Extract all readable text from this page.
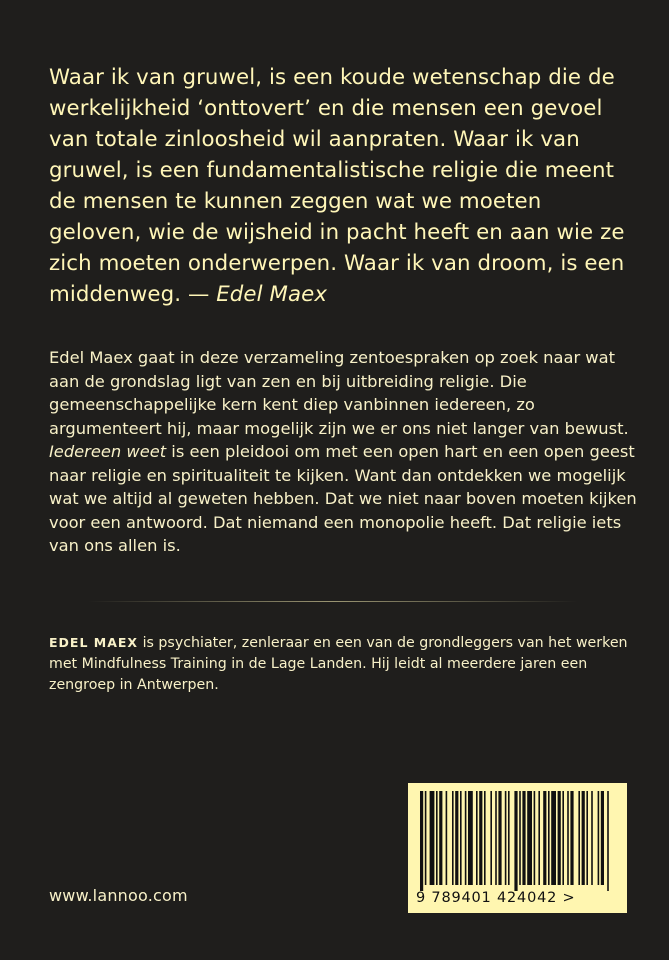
Waar ik van gruwel, is een koude wetenschap die de werkelijkheid ‘onttovert’ en die mensen een gevoel van totale zinloosheid wil aanpraten. Waar ik van gruwel, is een fundamentalistische religie die meent de mensen te kunnen zeggen wat we moeten geloven, wie de wijsheid in pacht heeft en aan wie ze zich moeten onderwerpen. Waar ik van droom, is een middenweg. — Edel Maex
Edel Maex gaat in deze verzameling zentoespraken op zoek naar wat aan de grondslag ligt van zen en bij uitbreiding religie. Die gemeenschappelijke kern kent diep vanbinnen iedereen, zo argumenteert hij, maar mogelijk zijn we er ons niet langer van bewust. Iedereen weet is een pleidooi om met een open hart en een open geest naar religie en spiritualiteit te kijken. Want dan ontdekken we mogelijk wat we altijd al geweten hebben. Dat we niet naar boven moeten kijken voor een antwoord. Dat niemand een monopolie heeft. Dat religie iets van ons allen is.
EDEL MAEX is psychiater, zenleraar en een van de grondleggers van het werken met Mindfulness Training in de Lage Landen. Hij leidt al meerdere jaren een zengroep in Antwerpen.
www.lannoo.com	9 789401 424042 >
